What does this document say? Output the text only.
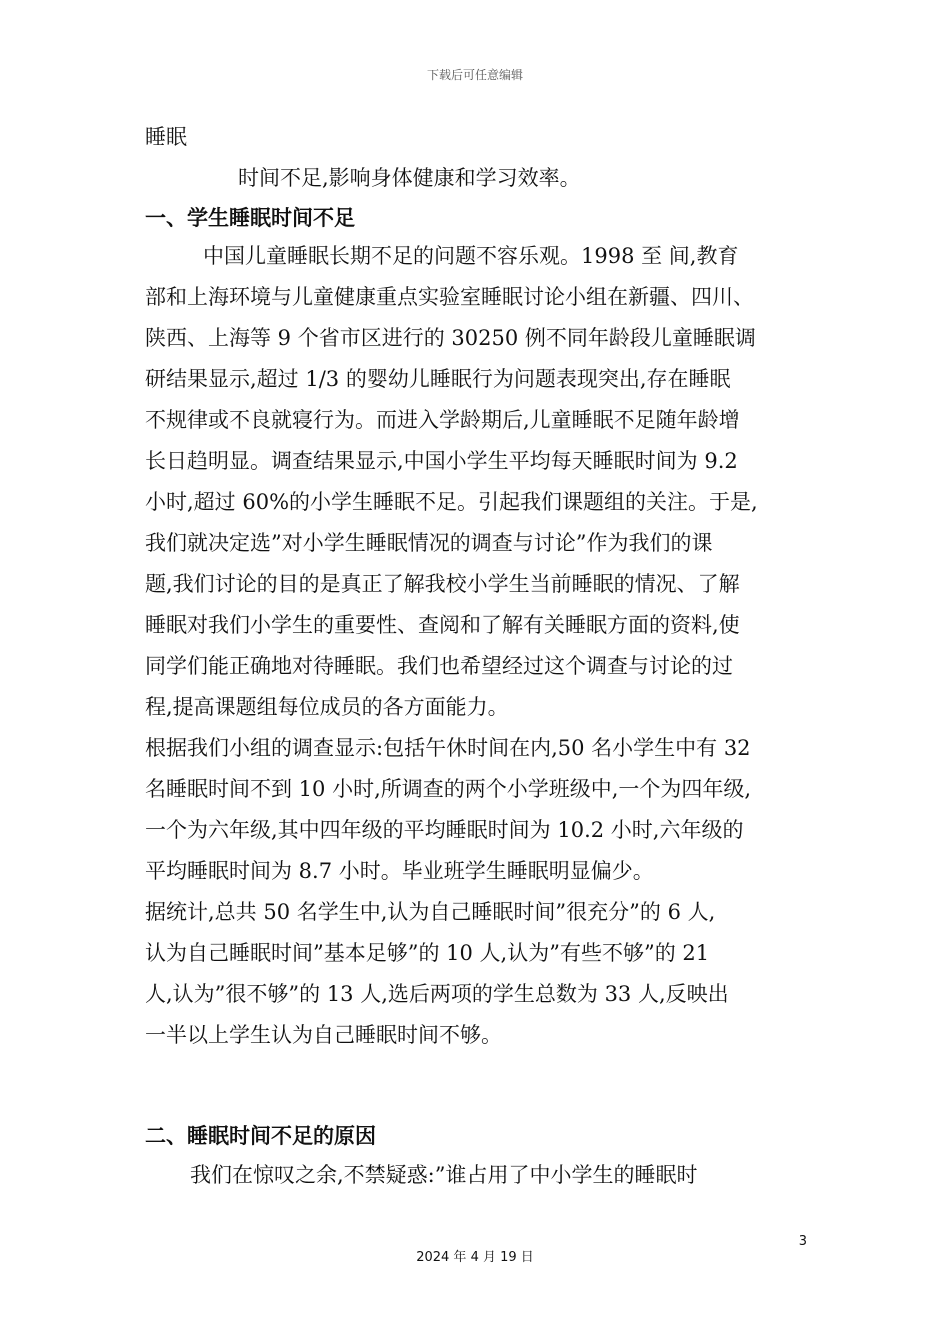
下载后可任意编辑
睡眠
时间不足,影响身体健康和学习效率。
一、学生睡眠时间不足
中国儿童睡眠长期不足的问题不容乐观。1998 至 间,教育
部和上海环境与儿童健康重点实验室睡眠讨论小组在新疆、四川、
陕西、上海等 9 个省市区进行的 30250 例不同年龄段儿童睡眠调
研结果显示,超过 1/3 的婴幼儿睡眠行为问题表现突出,存在睡眠
不规律或不良就寝行为。而进入学龄期后,儿童睡眠不足随年龄增
长日趋明显。调查结果显示,中国小学生平均每天睡眠时间为 9.2
小时,超过 60%的小学生睡眠不足。引起我们课题组的关注。于是,
我们就决定选”对小学生睡眠情况的调查与讨论”作为我们的课
题,我们讨论的目的是真正了解我校小学生当前睡眠的情况、了解
睡眠对我们小学生的重要性、查阅和了解有关睡眠方面的资料,使
同学们能正确地对待睡眠。我们也希望经过这个调查与讨论的过
程,提高课题组每位成员的各方面能力。
根据我们小组的调查显示:包括午休时间在内,50 名小学生中有 32
名睡眠时间不到 10 小时,所调查的两个小学班级中,一个为四年级,
一个为六年级,其中四年级的平均睡眠时间为 10.2 小时,六年级的
平均睡眠时间为 8.7 小时。毕业班学生睡眠明显偏少。
据统计,总共 50 名学生中,认为自己睡眠时间”很充分”的 6 人,
认为自己睡眠时间”基本足够”的 10 人,认为”有些不够”的 21
人,认为”很不够”的 13 人,选后两项的学生总数为 33 人,反映出
一半以上学生认为自己睡眠时间不够。
二、睡眠时间不足的原因
我们在惊叹之余,不禁疑惑:”谁占用了中小学生的睡眠时
3
2024 年 4 月 19 日
